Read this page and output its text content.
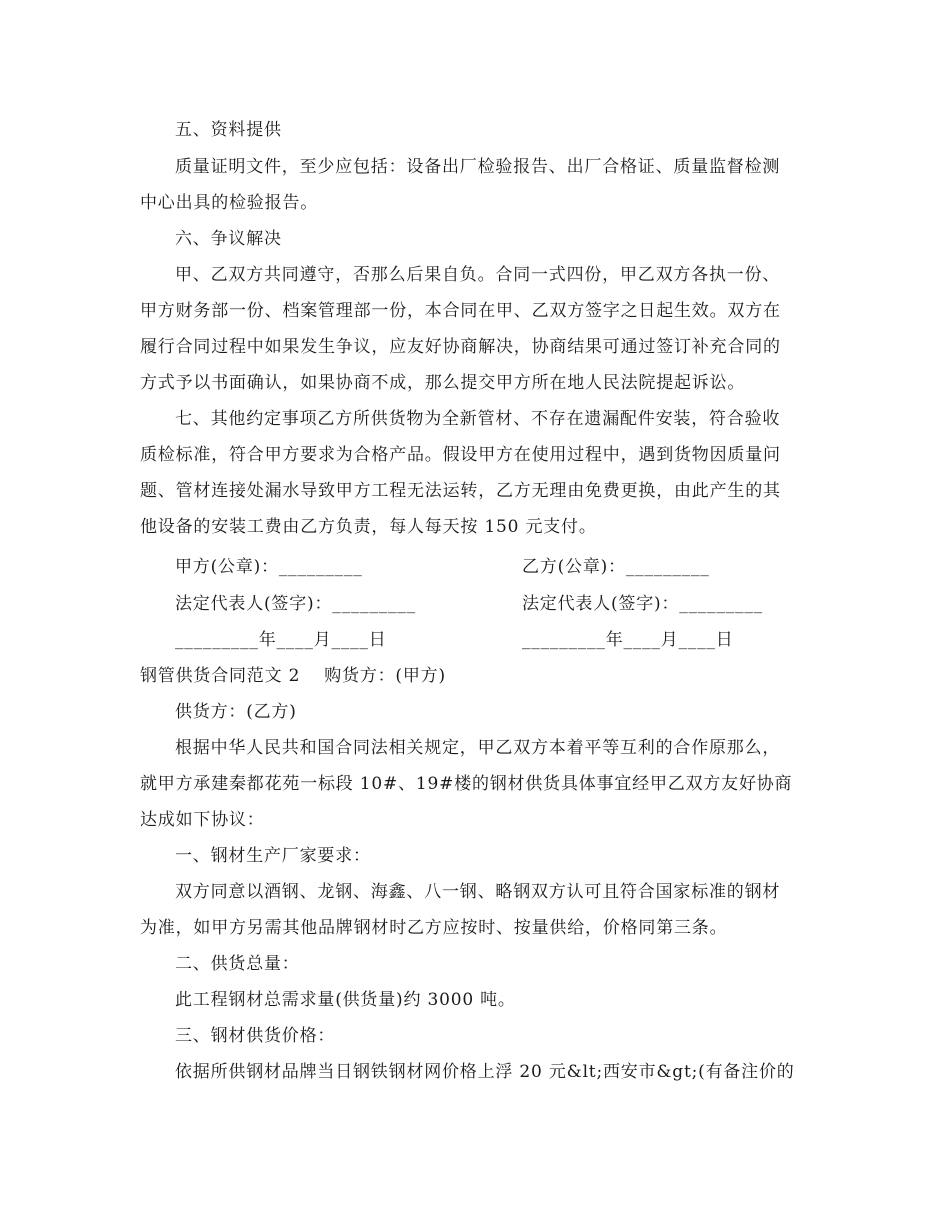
五、资料提供
质量证明文件，至少应包括：设备出厂检验报告、出厂合格证、质量监督检测
中心出具的检验报告。
六、争议解决
甲、乙双方共同遵守，否那么后果自负。合同一式四份，甲乙双方各执一份、
甲方财务部一份、档案管理部一份，本合同在甲、乙双方签字之日起生效。双方在
履行合同过程中如果发生争议，应友好协商解决，协商结果可通过签订补充合同的
方式予以书面确认，如果协商不成，那么提交甲方所在地人民法院提起诉讼。
七、其他约定事项乙方所供货物为全新管材、不存在遗漏配件安装，符合验收
质检标准，符合甲方要求为合格产品。假设甲方在使用过程中，遇到货物因质量问
题、管材连接处漏水导致甲方工程无法运转，乙方无理由免费更换，由此产生的其
他设备的安装工费由乙方负责，每人每天按 150 元支付。
甲方(公章)：_________	乙方(公章)：_________
法定代表人(签字)：_________	法定代表人(签字)：_________
_________年____月____日	_________年____月____日
钢管供货合同范文 2 购货方：(甲方)
供货方：(乙方)
根据中华人民共和国合同法相关规定，甲乙双方本着平等互利的合作原那么，
就甲方承建秦都花苑一标段 10#、19#楼的钢材供货具体事宜经甲乙双方友好协商
达成如下协议：
一、钢材生产厂家要求：
双方同意以酒钢、龙钢、海鑫、八一钢、略钢双方认可且符合国家标准的钢材
为准，如甲方另需其他品牌钢材时乙方应按时、按量供给，价格同第三条。
二、供货总量：
此工程钢材总需求量(供货量)约 3000 吨。
三、钢材供货价格：
依据所供钢材品牌当日钢铁钢材网价格上浮 20 元&lt;西安市&gt;(有备注价的
